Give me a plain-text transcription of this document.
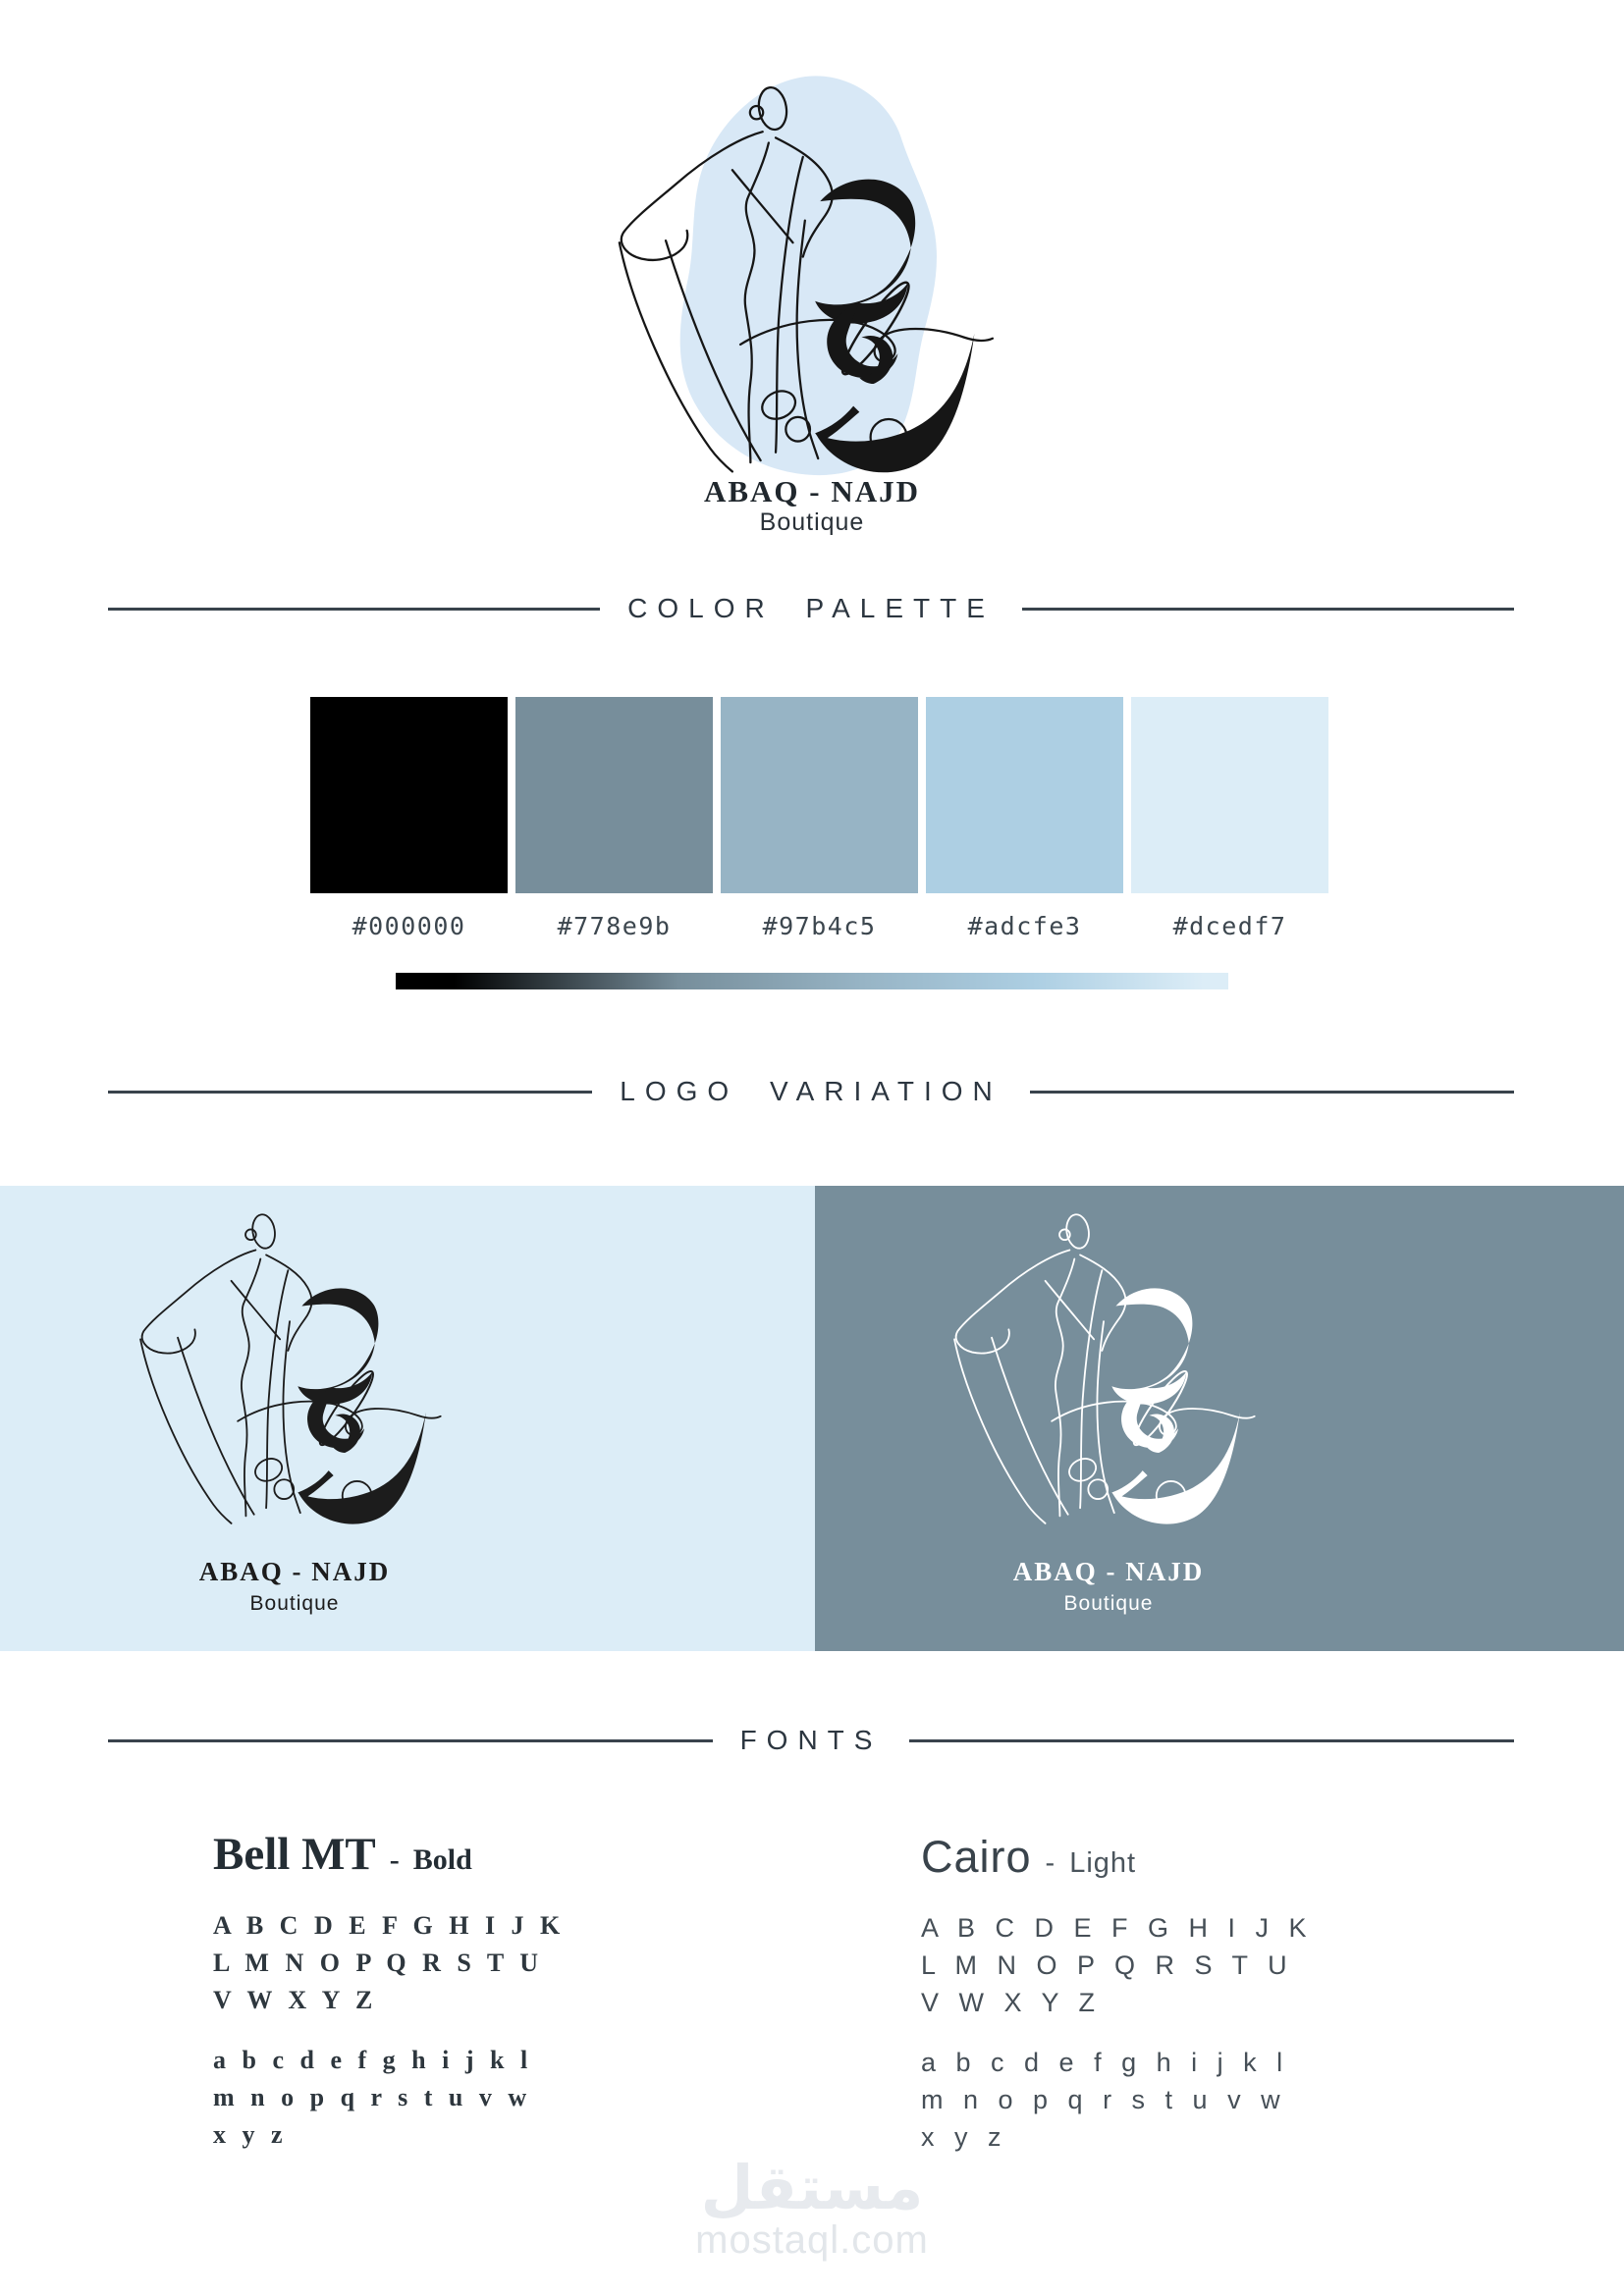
ABAQ - NAJD
Boutique
COLOR PALETTE
#000000	#778e9b	#97b4c5	#adcfe3	#dcedf7
LOGO VARIATION
ABAQ - NAJD
Boutique
ABAQ - NAJD
Boutique
FONTS
Bell MT - Bold
A B C D E F G H I J K
L M N O P Q R S T U
V W X Y Z
a b c d e f g h i j k l
m n o p q r s t u v w
x y z
Cairo - Light
A B C D E F G H I J K
L M N O P Q R S T U
V W X Y Z
a b c d e f g h i j k l
m n o p q r s t u v w
x y z
مستقل
mostaql.com
